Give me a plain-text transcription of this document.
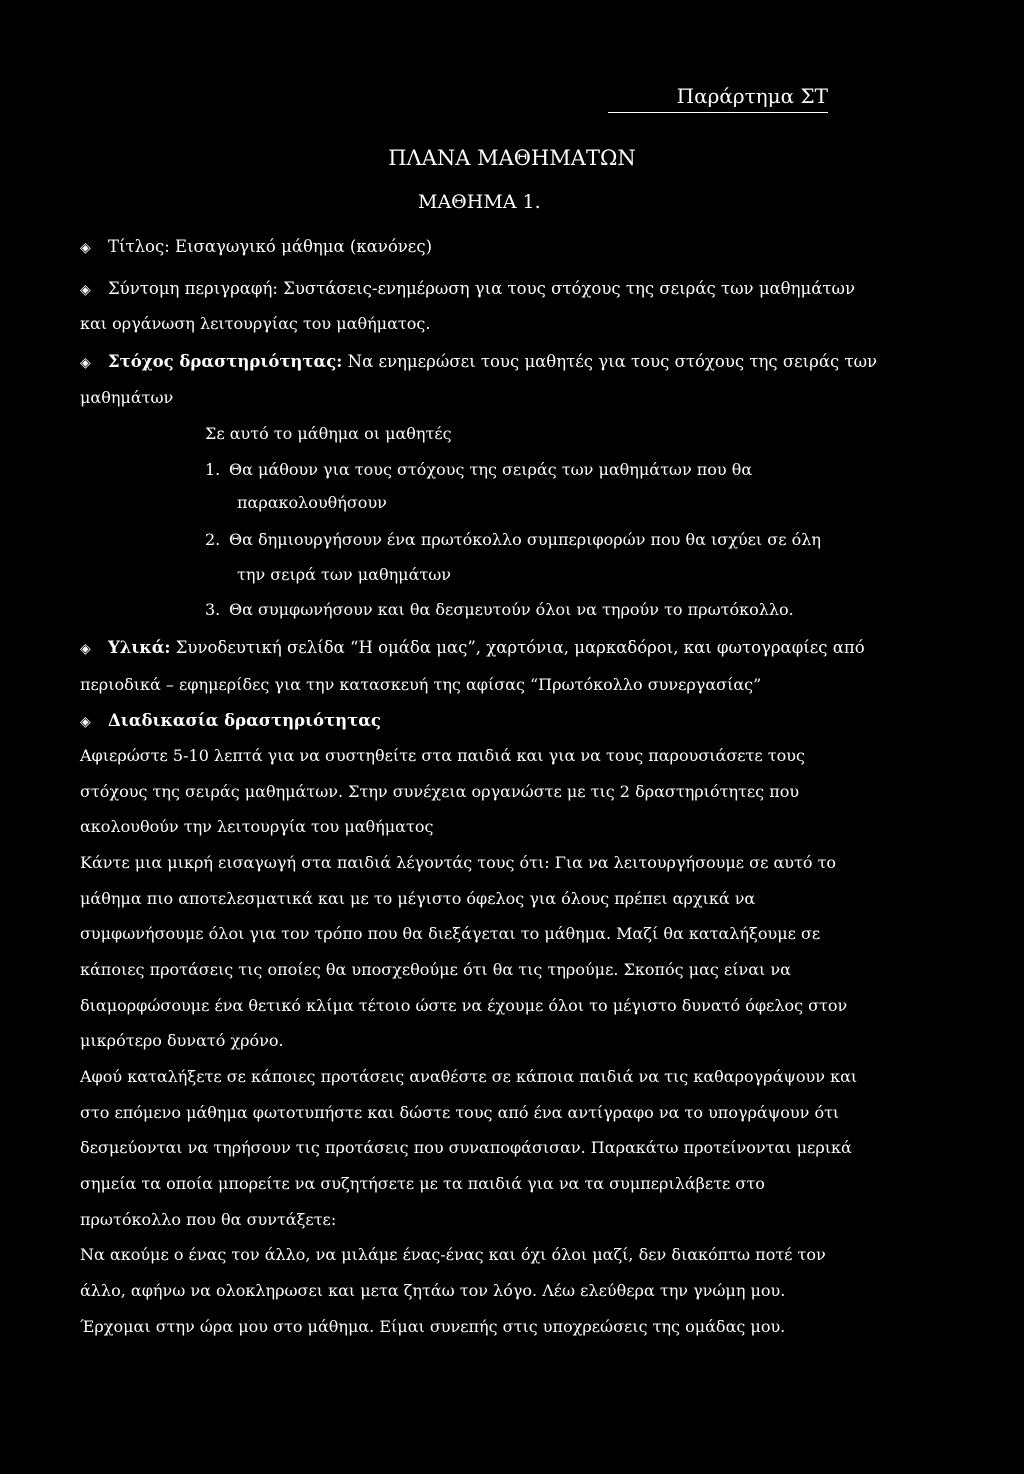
Παράρτημα ΣΤ
ΠΛΑΝΑ ΜΑΘΗΜΑΤΩΝ
ΜΑΘΗΜΑ 1.
◈ Τίτλος: Εισαγωγικό μάθημα (κανόνες)
◈ Σύντομη περιγραφή: Συστάσεις-ενημέρωση για τους στόχους της σειράς των μαθημάτων
και οργάνωση λειτουργίας του μαθήματος.
◈ Στόχος δραστηριότητας: Να ενημερώσει τους μαθητές για τους στόχους της σειράς των
μαθημάτων
Σε αυτό το μάθημα οι μαθητές
1. Θα μάθουν για τους στόχους της σειράς των μαθημάτων που θα
παρακολουθήσουν
2. Θα δημιουργήσουν ένα πρωτόκολλο συμπεριφορών που θα ισχύει σε όλη
την σειρά των μαθημάτων
3. Θα συμφωνήσουν και θα δεσμευτούν όλοι να τηρούν το πρωτόκολλο.
◈ Υλικά: Συνοδευτική σελίδα “Η ομάδα μας”, χαρτόνια, μαρκαδόροι, και φωτογραφίες από
περιοδικά – εφημερίδες για την κατασκευή της αφίσας “Πρωτόκολλο συνεργασίας”
◈ Διαδικασία δραστηριότητας
Αφιερώστε 5-10 λεπτά για να συστηθείτε στα παιδιά και για να τους παρουσιάσετε τους
στόχους της σειράς μαθημάτων. Στην συνέχεια οργανώστε με τις 2 δραστηριότητες που
ακολουθούν την λειτουργία του μαθήματος
Κάντε μια μικρή εισαγωγή στα παιδιά λέγοντάς τους ότι: Για να λειτουργήσουμε σε αυτό το
μάθημα πιο αποτελεσματικά και με το μέγιστο όφελος για όλους πρέπει αρχικά να
συμφωνήσουμε όλοι για τον τρόπο που θα διεξάγεται το μάθημα. Μαζί θα καταλήξουμε σε
κάποιες προτάσεις τις οποίες θα υποσχεθούμε ότι θα τις τηρούμε. Σκοπός μας είναι να
διαμορφώσουμε ένα θετικό κλίμα τέτοιο ώστε να έχουμε όλοι το μέγιστο δυνατό όφελος στον
μικρότερο δυνατό χρόνο.
Αφού καταλήξετε σε κάποιες προτάσεις αναθέστε σε κάποια παιδιά να τις καθαρογράψουν και
στο επόμενο μάθημα φωτοτυπήστε και δώστε τους από ένα αντίγραφο να το υπογράψουν ότι
δεσμεύονται να τηρήσουν τις προτάσεις που συναποφάσισαν. Παρακάτω προτείνονται μερικά
σημεία τα οποία μπορείτε να συζητήσετε με τα παιδιά για να τα συμπεριλάβετε στο
πρωτόκολλο που θα συντάξετε:
Να ακούμε ο ένας τον άλλο, να μιλάμε ένας-ένας και όχι όλοι μαζί, δεν διακόπτω ποτέ τον
άλλο, αφήνω να ολοκληρωσει και μετα ζητάω τον λόγο. Λέω ελεύθερα την γνώμη μου.
Έρχομαι στην ώρα μου στο μάθημα. Είμαι συνεπής στις υποχρεώσεις της ομάδας μου.
